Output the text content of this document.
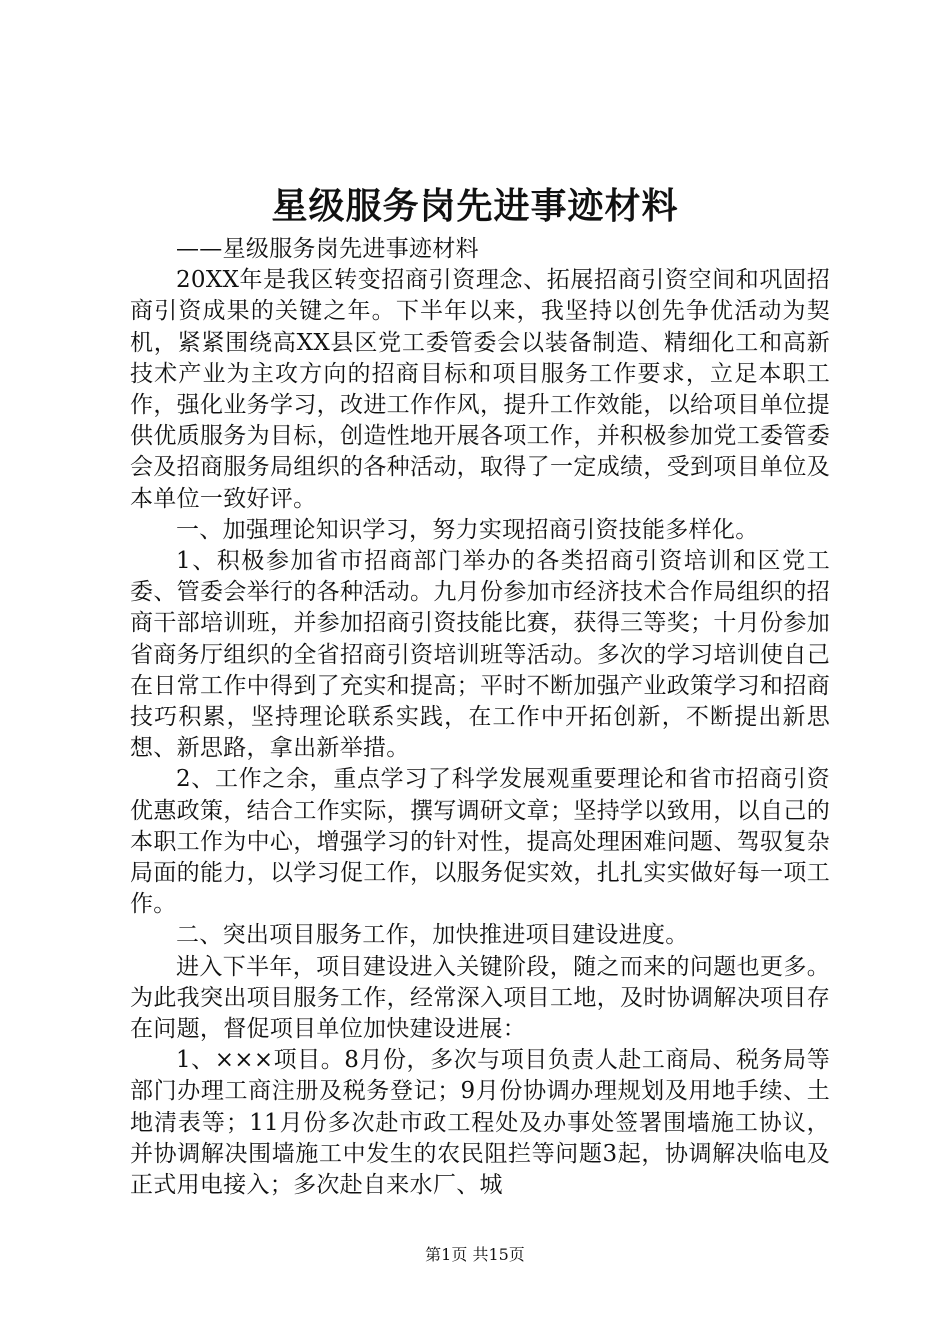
星级服务岗先进事迹材料

——星级服务岗先进事迹材料

20XX年是我区转变招商引资理念、拓展招商引资空间和巩固招商引资成果的关键之年。下半年以来，我坚持以创先争优活动为契机，紧紧围绕高XX县区党工委管委会以装备制造、精细化工和高新技术产业为主攻方向的招商目标和项目服务工作要求，立足本职工作，强化业务学习，改进工作作风，提升工作效能，以给项目单位提供优质服务为目标，创造性地开展各项工作，并积极参加党工委管委会及招商服务局组织的各种活动，取得了一定成绩，受到项目单位及本单位一致好评。

一、加强理论知识学习，努力实现招商引资技能多样化。

1、积极参加省市招商部门举办的各类招商引资培训和区党工委、管委会举行的各种活动。九月份参加市经济技术合作局组织的招商干部培训班，并参加招商引资技能比赛，获得三等奖；十月份参加省商务厅组织的全省招商引资培训班等活动。多次的学习培训使自己在日常工作中得到了充实和提高；平时不断加强产业政策学习和招商技巧积累，坚持理论联系实践，在工作中开拓创新，不断提出新思想、新思路，拿出新举措。

2、工作之余，重点学习了科学发展观重要理论和省市招商引资优惠政策，结合工作实际，撰写调研文章；坚持学以致用，以自己的本职工作为中心，增强学习的针对性，提高处理困难问题、驾驭复杂局面的能力，以学习促工作，以服务促实效，扎扎实实做好每一项工作。

二、突出项目服务工作，加快推进项目建设进度。

进入下半年，项目建设进入关键阶段，随之而来的问题也更多。为此我突出项目服务工作，经常深入项目工地，及时协调解决项目存在问题，督促项目单位加快建设进展：

1、×××项目。8月份，多次与项目负责人赴工商局、税务局等部门办理工商注册及税务登记；9月份协调办理规划及用地手续、土地清表等；11月份多次赴市政工程处及办事处签署围墙施工协议，并协调解决围墙施工中发生的农民阻拦等问题3起，协调解决临电及正式用电接入；多次赴自来水厂、城

第1页 共15页
